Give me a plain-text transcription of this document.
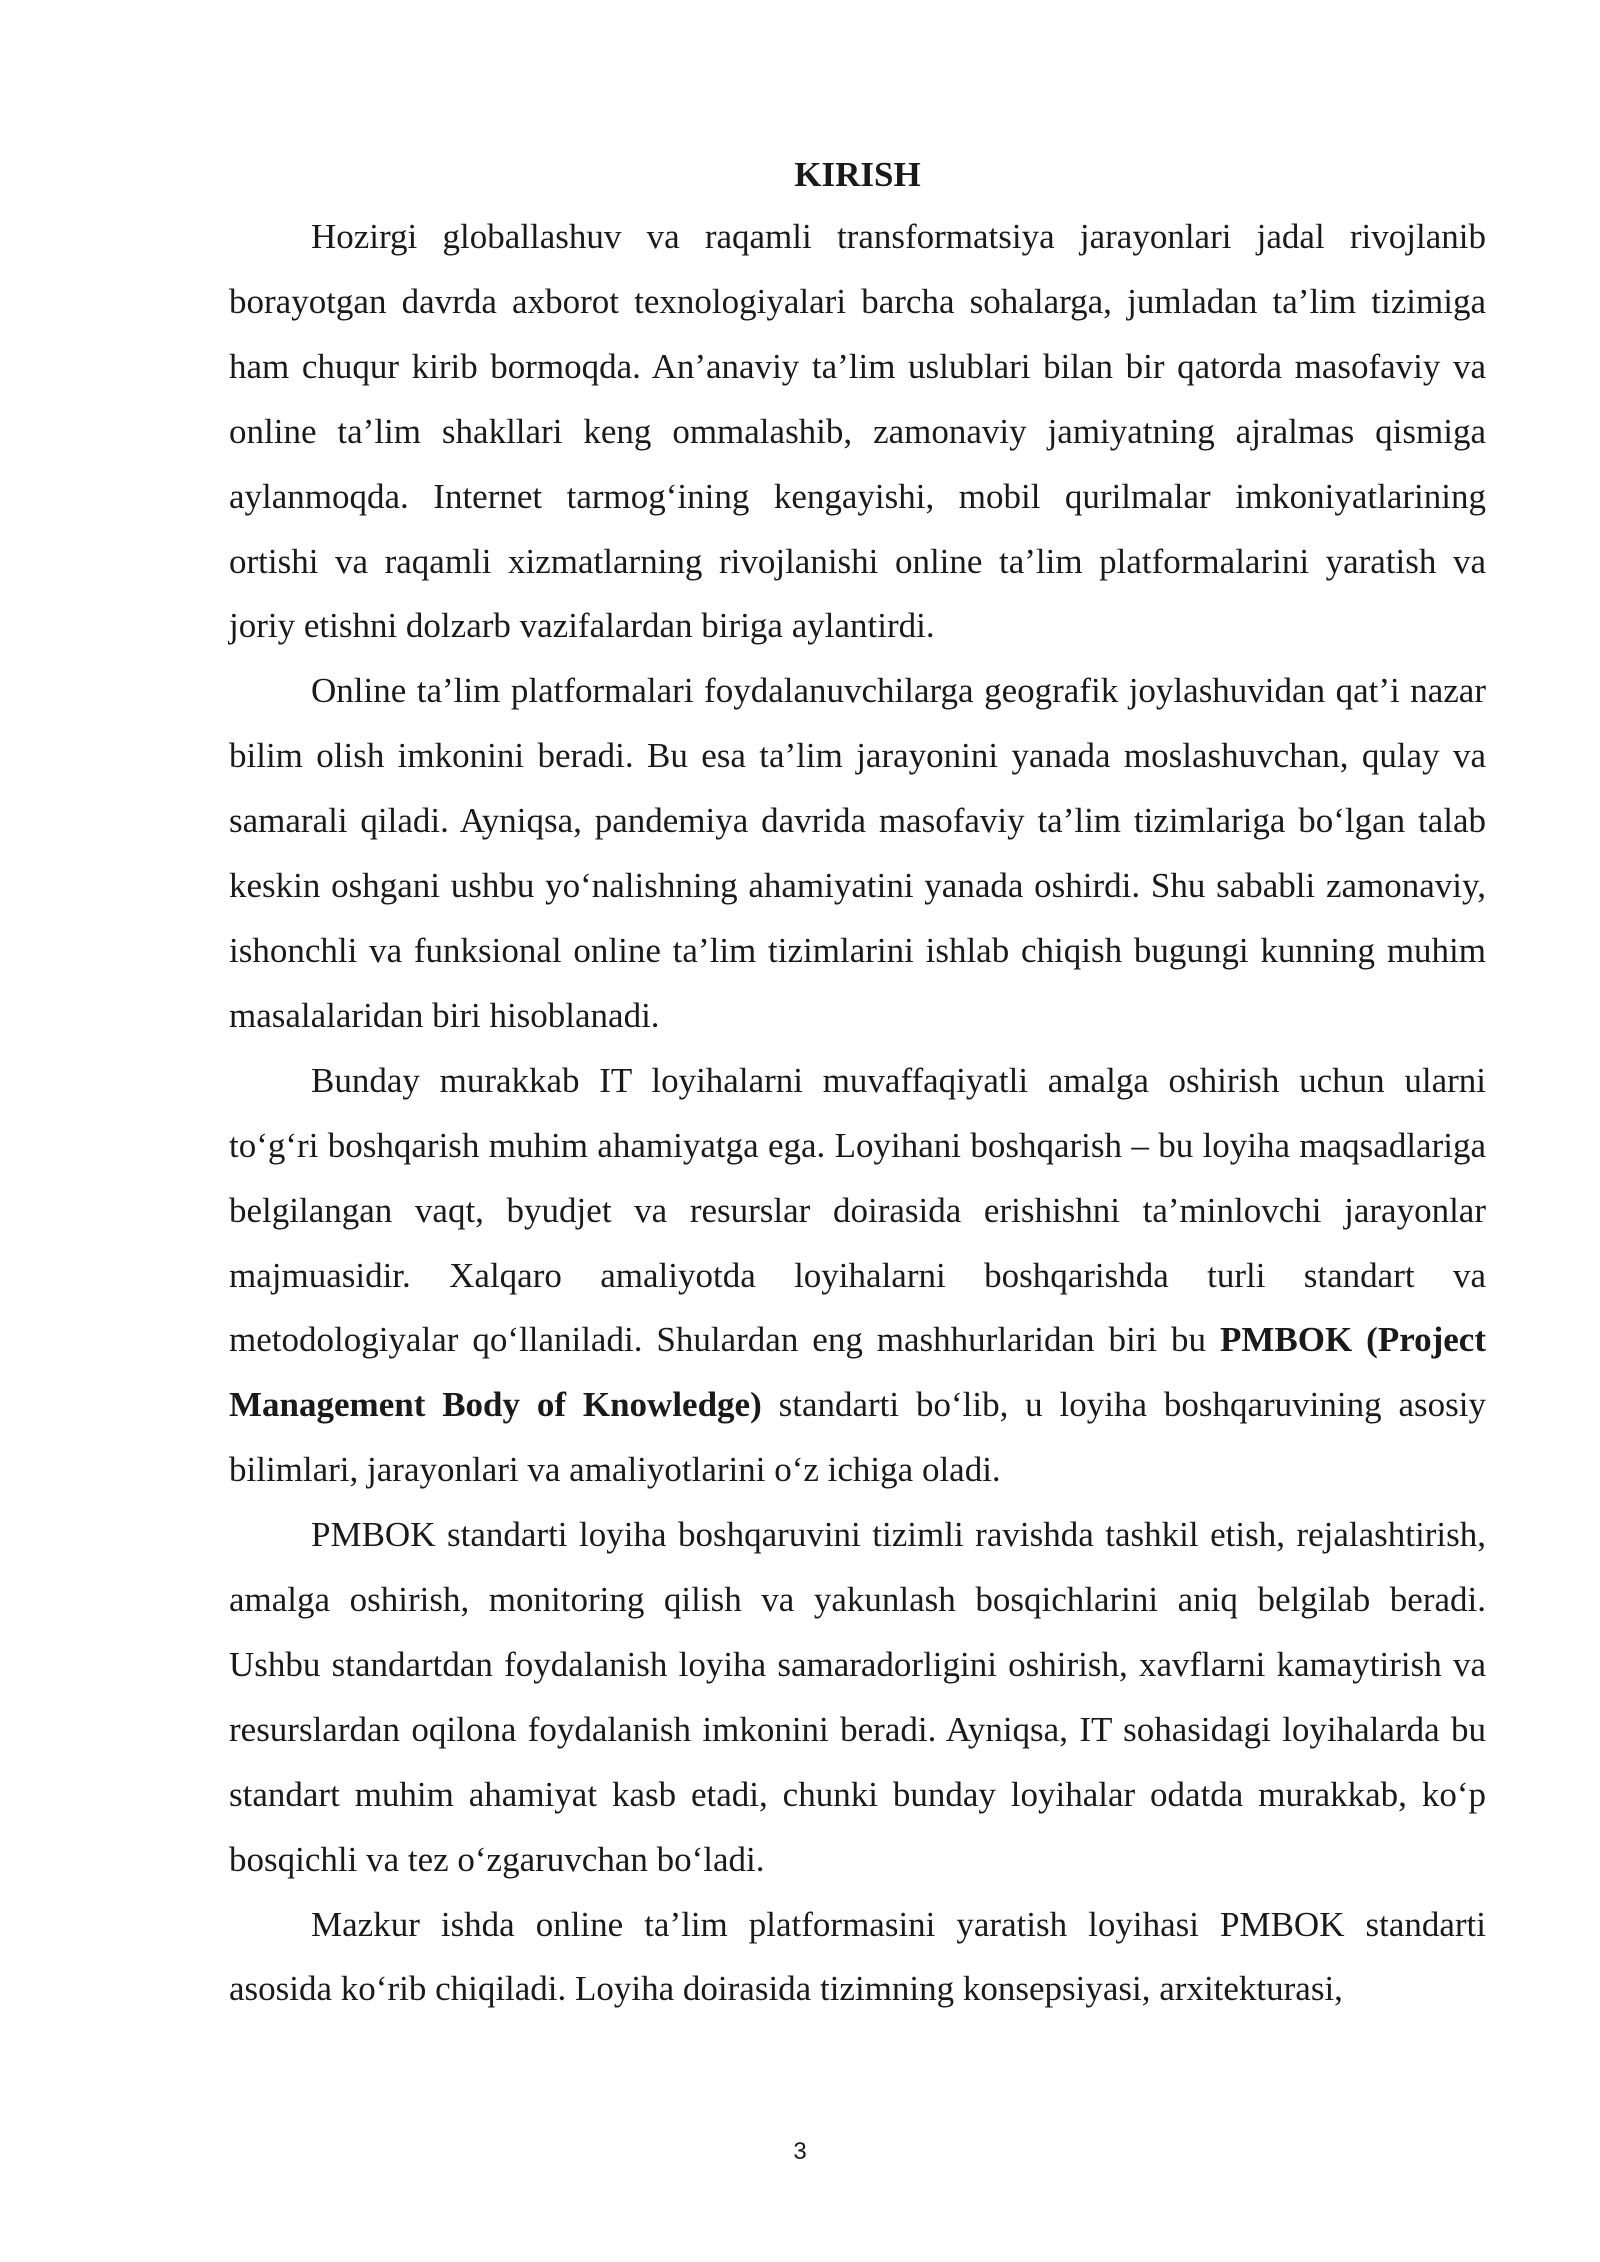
KIRISH

Hozirgi globallashuv va raqamli transformatsiya jarayonlari jadal rivojlanib borayotgan davrda axborot texnologiyalari barcha sohalarga, jumladan ta’lim tizimiga ham chuqur kirib bormoqda. An’anaviy ta’lim uslublari bilan bir qatorda masofaviy va online ta’lim shakllari keng ommalashib, zamonaviy jamiyatning ajralmas qismiga aylanmoqda. Internet tarmog‘ining kengayishi, mobil qurilmalar imkoniyatlarining ortishi va raqamli xizmatlarning rivojlanishi online ta’lim platformalarini yaratish va joriy etishni dolzarb vazifalardan biriga aylantirdi.

Online ta’lim platformalari foydalanuvchilarga geografik joylashuvidan qat’i nazar bilim olish imkonini beradi. Bu esa ta’lim jarayonini yanada moslashuvchan, qulay va samarali qiladi. Ayniqsa, pandemiya davrida masofaviy ta’lim tizimlariga bo‘lgan talab keskin oshgani ushbu yo‘nalishning ahamiyatini yanada oshirdi. Shu sababli zamonaviy, ishonchli va funksional online ta’lim tizimlarini ishlab chiqish bugungi kunning muhim masalalaridan biri hisoblanadi.

Bunday murakkab IT loyihalarni muvaffaqiyatli amalga oshirish uchun ularni to‘g‘ri boshqarish muhim ahamiyatga ega. Loyihani boshqarish – bu loyiha maqsadlariga belgilangan vaqt, byudjet va resurslar doirasida erishishni ta’minlovchi jarayonlar majmuasidir. Xalqaro amaliyotda loyihalarni boshqarishda turli standart va metodologiyalar qo‘llaniladi. Shulardan eng mashhurlaridan biri bu PMBOK (Project Management Body of Knowledge) standarti bo‘lib, u loyiha boshqaruvining asosiy bilimlari, jarayonlari va amaliyotlarini o‘z ichiga oladi.

PMBOK standarti loyiha boshqaruvini tizimli ravishda tashkil etish, rejalashtirish, amalga oshirish, monitoring qilish va yakunlash bosqichlarini aniq belgilab beradi. Ushbu standartdan foydalanish loyiha samaradorligini oshirish, xavflarni kamaytirish va resurslardan oqilona foydalanish imkonini beradi. Ayniqsa, IT sohasidagi loyihalarda bu standart muhim ahamiyat kasb etadi, chunki bunday loyihalar odatda murakkab, ko‘p bosqichli va tez o‘zgaruvchan bo‘ladi.

Mazkur ishda online ta’lim platformasini yaratish loyihasi PMBOK standarti asosida ko‘rib chiqiladi. Loyiha doirasida tizimning konsepsiyasi, arxitekturasi,

3
